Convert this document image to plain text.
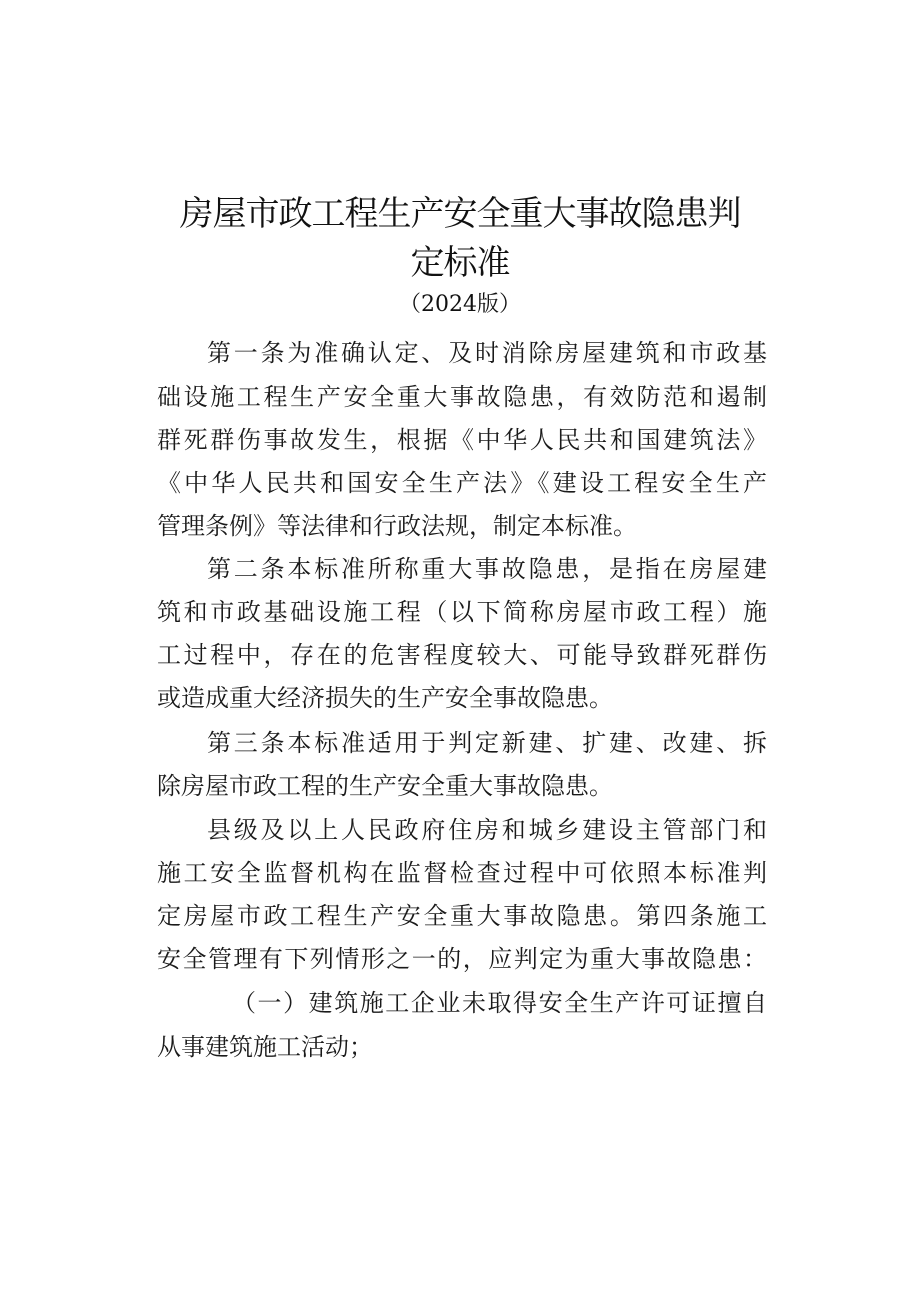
房屋市政工程生产安全重大事故隐患判
定标准
（2024版）
第一条为准确认定、及时消除房屋建筑和市政基
础设施工程生产安全重大事故隐患，有效防范和遏制
群死群伤事故发生，根据《中华人民共和国建筑法》
《中华人民共和国安全生产法》《建设工程安全生产
管理条例》等法律和行政法规，制定本标准。
第二条本标准所称重大事故隐患，是指在房屋建
筑和市政基础设施工程（以下简称房屋市政工程）施
工过程中，存在的危害程度较大、可能导致群死群伤
或造成重大经济损失的生产安全事故隐患。
第三条本标准适用于判定新建、扩建、改建、拆
除房屋市政工程的生产安全重大事故隐患。
县级及以上人民政府住房和城乡建设主管部门和
施工安全监督机构在监督检查过程中可依照本标准判
定房屋市政工程生产安全重大事故隐患。第四条施工
安全管理有下列情形之一的，应判定为重大事故隐患：
（一）建筑施工企业未取得安全生产许可证擅自
从事建筑施工活动；
